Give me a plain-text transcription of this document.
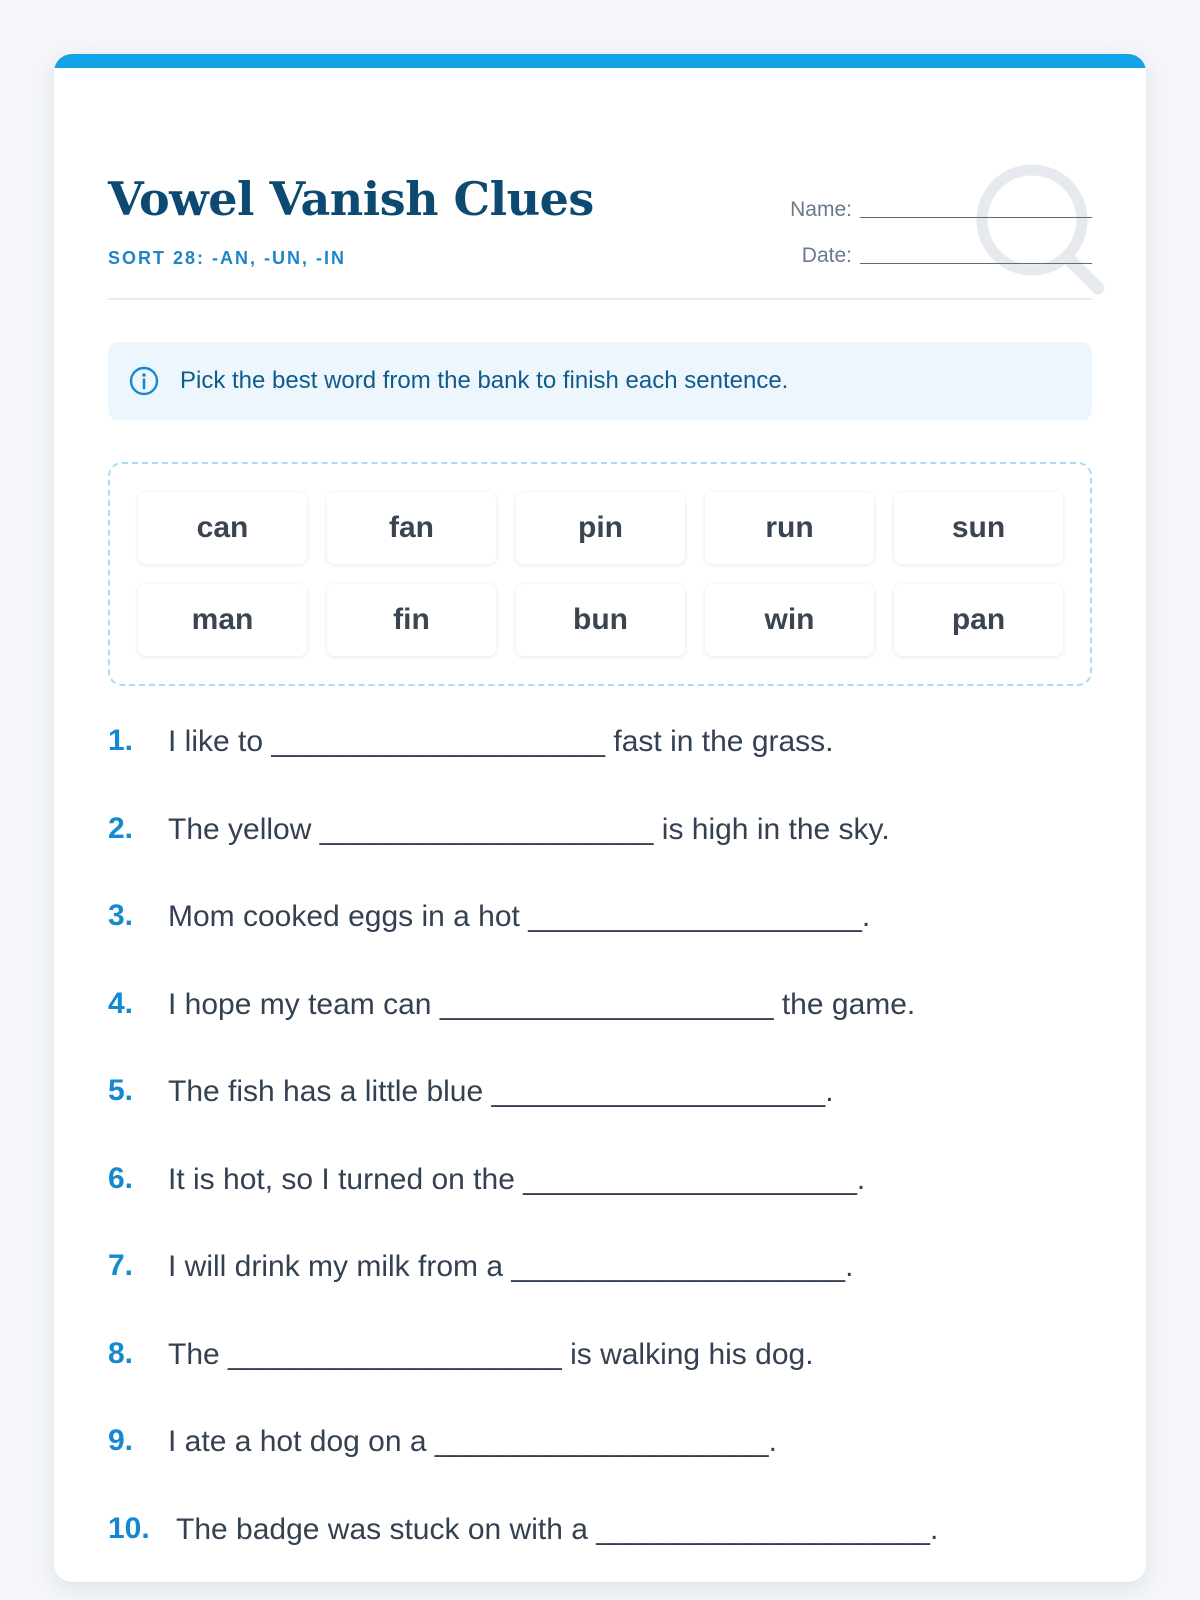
Vowel Vanish Clues
SORT 28: -AN, -UN, -IN
Name:
Date:
Pick the best word from the bank to finish each sentence.
can	fan	pin	run	sun
man	fin	bun	win	pan
1.	I like to ____________________ fast in the grass.
2.	The yellow ____________________ is high in the sky.
3.	Mom cooked eggs in a hot ____________________.
4.	I hope my team can ____________________ the game.
5.	The fish has a little blue ____________________.
6.	It is hot, so I turned on the ____________________.
7.	I will drink my milk from a ____________________.
8.	The ____________________ is walking his dog.
9.	I ate a hot dog on a ____________________.
10. The badge was stuck on with a ____________________.
